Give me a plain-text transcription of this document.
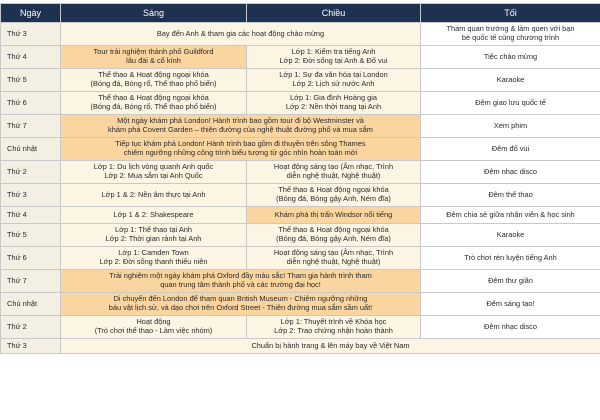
Ngày	Sáng	Chiều	Tối
Thứ 3	Bay đến Anh & tham gia các hoạt động chào mừng		Tham quan trường & làm quen với bạn
bè quốc tế cùng chương trình

Thứ 4	Tour trải nghiệm thành phố Guildford
lâu đài & cổ kính	Lớp 1: Kiểm tra tiếng Anh
Lớp 2: Đời sống tại Anh & Đố vui	Tiệc chào mừng

Thứ 5	Thể thao & Hoạt động ngoại khóa
(Bóng đá, Bóng rổ, Thể thao phố biến)	Lớp 1: Sự đa văn hóa tại London
Lớp 2: Lịch sử nước Anh	Karaoke

Thứ 6	Thể thao & Hoạt động ngoại khóa
(Bóng đá, Bóng rổ, Thể thao phố biến)	Lớp 1: Gia đình Hoàng gia
Lớp 2: Nền thời trang tại Anh	Đêm giao lưu quốc tế

Thứ 7	Một ngày khám phá London! Hành trình bao gồm tour đi bộ Westminster và
khám phá Covent Garden – thiên đường của nghệ thuật đường phố và mua sắm		Xem phim

Chủ nhật	Tiếp tục khám phá London! Hành trình bao gồm đi thuyền trên sông Thames
chiêm ngưỡng những công trình biểu tượng từ góc nhìn hoàn toàn mới		Đêm đố vui

Thứ 2	Lớp 1: Du lịch vòng quanh Anh quốc
Lớp 2: Mua sắm tại Anh Quốc	Hoạt động sáng tạo (Âm nhạc, Trình
diễn nghệ thuật, Nghệ thuật)	Đêm nhạc disco

Thứ 3	Lớp 1 & 2: Nền âm thực tại Anh	Thể thao & Hoạt động ngoại khóa
(Bóng đá, Bóng gậy Anh, Ném đĩa)	Đêm thể thao

Thứ 4	Lớp 1 & 2: Shakespeare	Khám phá thị trấn Windsor nổi tiếng	Đêm chia sẻ giữa nhân viên & học sinh

Thứ 5	Lớp 1: Thể thao tại Anh
Lớp 2: Thời gian rảnh tại Anh	Thể thao & Hoạt động ngoại khóa
(Bóng đá, Bóng gậy Anh, Ném đĩa)	Karaoke

Thứ 6	Lớp 1: Camden Town
Lớp 2: Đời sống thanh thiếu niên	Hoạt động sáng tạo (Âm nhạc, Trình
diễn nghệ thuật, Nghệ thuật)	Trò chơi rèn luyện tiếng Anh

Thứ 7	Trải nghiệm một ngày khám phá Oxford đầy màu sắc! Tham gia hành trình tham
quan trung tâm thành phố và các trường đại học!		Đêm thư giãn

Chủ nhật	Di chuyển đến London để tham quan British Museum - Chiêm ngưỡng những
báu vật lịch sử, và dạo chơi trên Oxford Street - Thiên đường mua sắm sầm uất!		Đêm sáng tạo!

Thứ 2	Hoạt động
(Trò chơi thể thao - Làm việc nhóm)	Lớp 1: Thuyết trình về Khóa học
Lớp 2: Trao chứng nhận hoàn thành	Đêm nhạc disco

Thứ 3	Chuẩn bị hành trang & lên máy bay về Việt Nam		
